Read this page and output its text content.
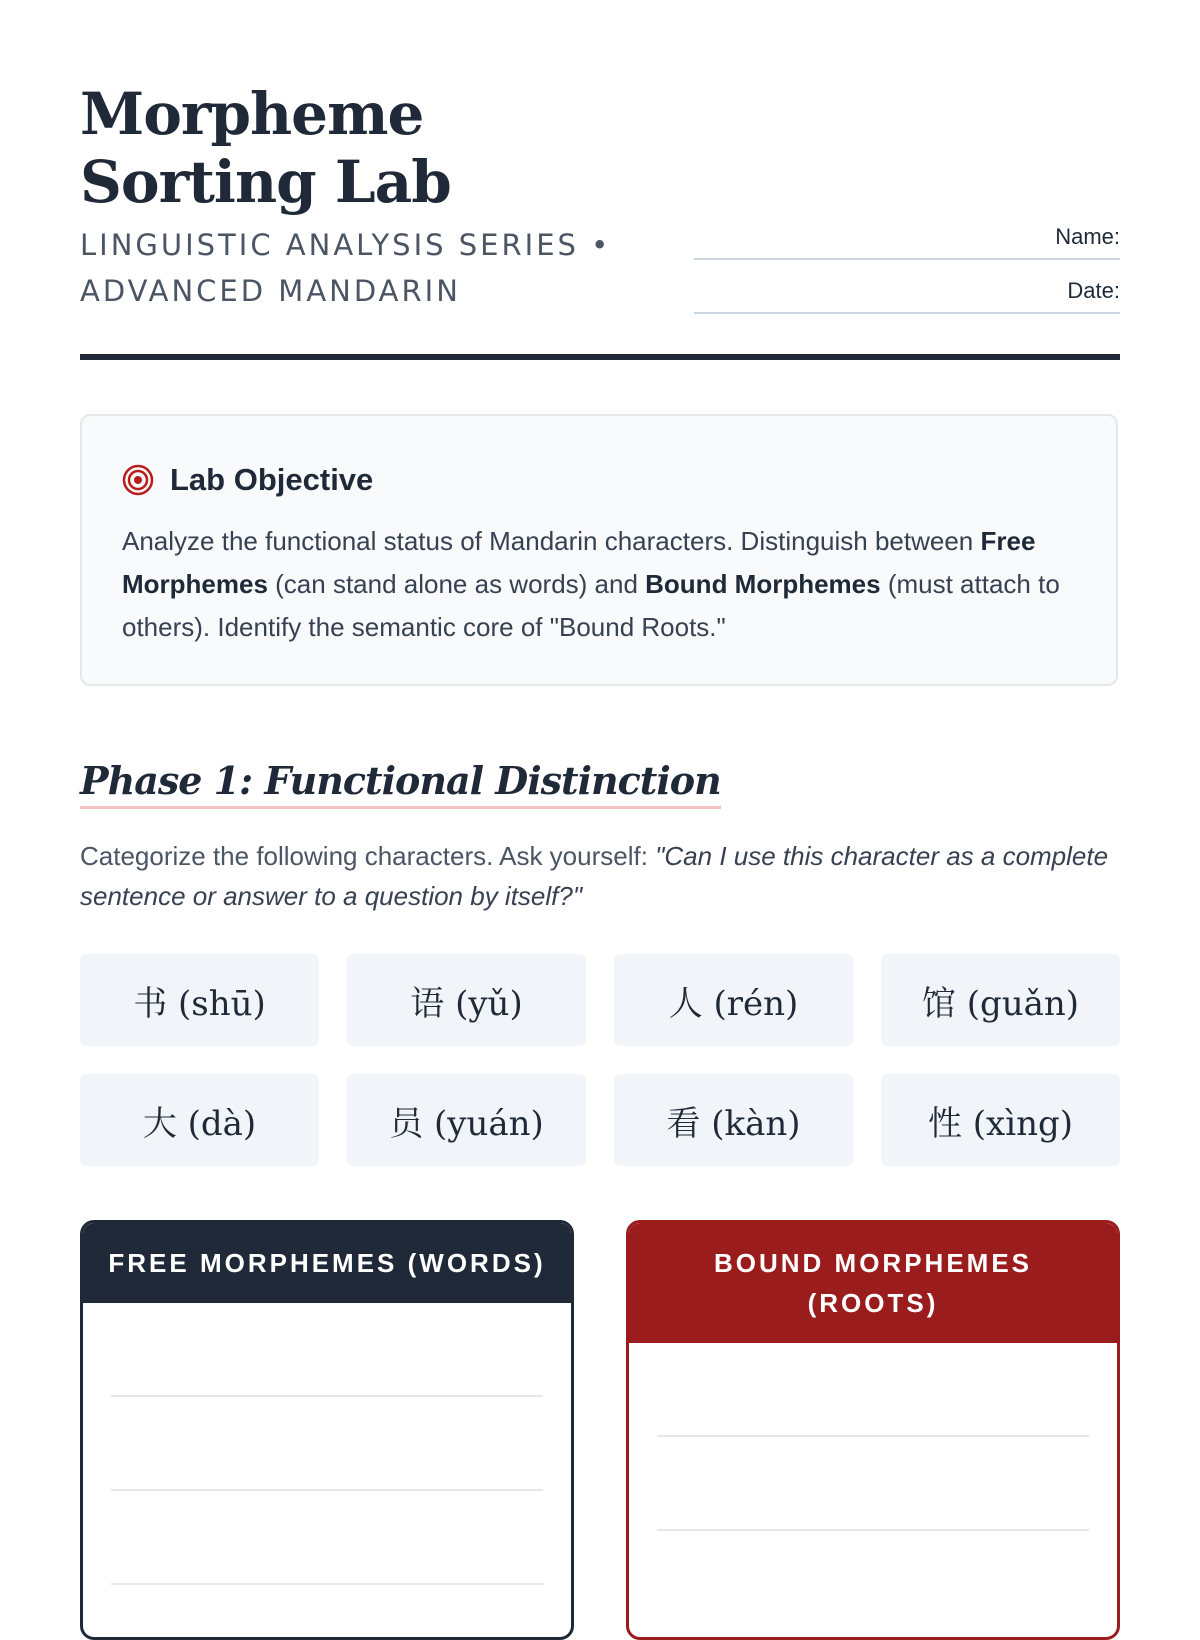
Morpheme Sorting Lab
LINGUISTIC ANALYSIS SERIES • ADVANCED MANDARIN
Name:
Date:
Lab Objective
Analyze the functional status of Mandarin characters. Distinguish between Free Morphemes (can stand alone as words) and Bound Morphemes (must attach to others). Identify the semantic core of "Bound Roots."
Phase 1: Functional Distinction
Categorize the following characters. Ask yourself: "Can I use this character as a complete sentence or answer to a question by itself?"
书 (shū)	语 (yǔ)	人 (rén)	馆 (guǎn)
大 (dà)	员 (yuán)	看 (kàn)	性 (xìng)
FREE MORPHEMES (WORDS)	BOUND MORPHEMES (ROOTS)
